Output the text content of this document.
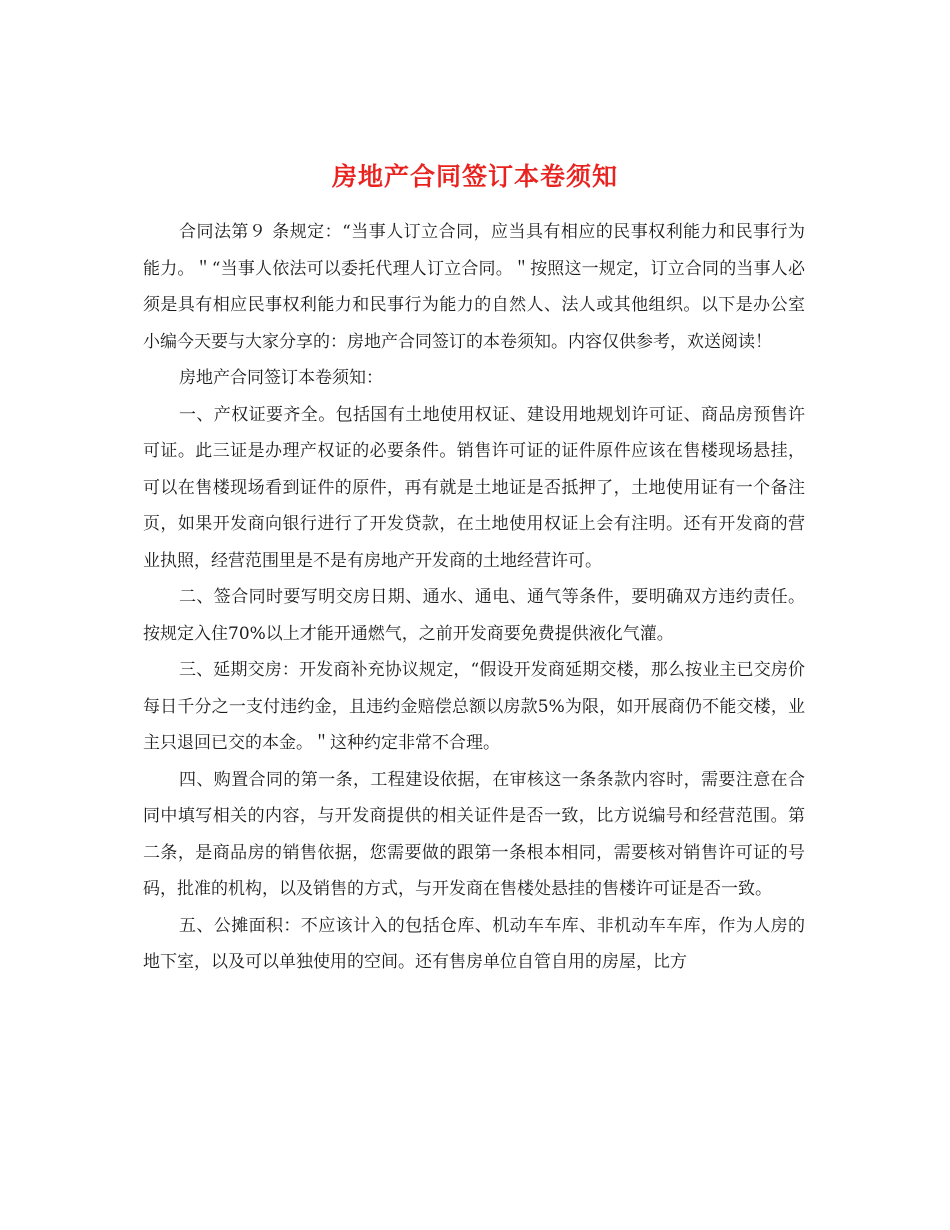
房地产合同签订本卷须知

合同法第９ 条规定：“当事人订立合同，应当具有相应的民事权利能力和民事行为能力。＂“当事人依法可以委托代理人订立合同。＂按照这一规定，订立合同的当事人必须是具有相应民事权利能力和民事行为能力的自然人、法人或其他组织。以下是办公室小编今天要与大家分享的：房地产合同签订的本卷须知。内容仅供参考，欢送阅读！

房地产合同签订本卷须知：

一、产权证要齐全。包括国有土地使用权证、建设用地规划许可证、商品房预售许可证。此三证是办理产权证的必要条件。销售许可证的证件原件应该在售楼现场悬挂，可以在售楼现场看到证件的原件，再有就是土地证是否抵押了，土地使用证有一个备注页，如果开发商向银行进行了开发贷款，在土地使用权证上会有注明。还有开发商的营业执照，经营范围里是不是有房地产开发商的土地经营许可。

二、签合同时要写明交房日期、通水、通电、通气等条件，要明确双方违约责任。按规定入住70%以上才能开通燃气，之前开发商要免费提供液化气灌。

三、延期交房：开发商补充协议规定，“假设开发商延期交楼，那么按业主已交房价每日千分之一支付违约金，且违约金赔偿总额以房款5%为限，如开展商仍不能交楼，业主只退回已交的本金。＂这种约定非常不合理。

四、购置合同的第一条，工程建设依据，在审核这一条条款内容时，需要注意在合同中填写相关的内容，与开发商提供的相关证件是否一致，比方说编号和经营范围。第二条，是商品房的销售依据，您需要做的跟第一条根本相同，需要核对销售许可证的号码，批准的机构，以及销售的方式，与开发商在售楼处悬挂的售楼许可证是否一致。

五、公摊面积：不应该计入的包括仓库、机动车车库、非机动车车库，作为人房的地下室，以及可以单独使用的空间。还有售房单位自管自用的房屋，比方
